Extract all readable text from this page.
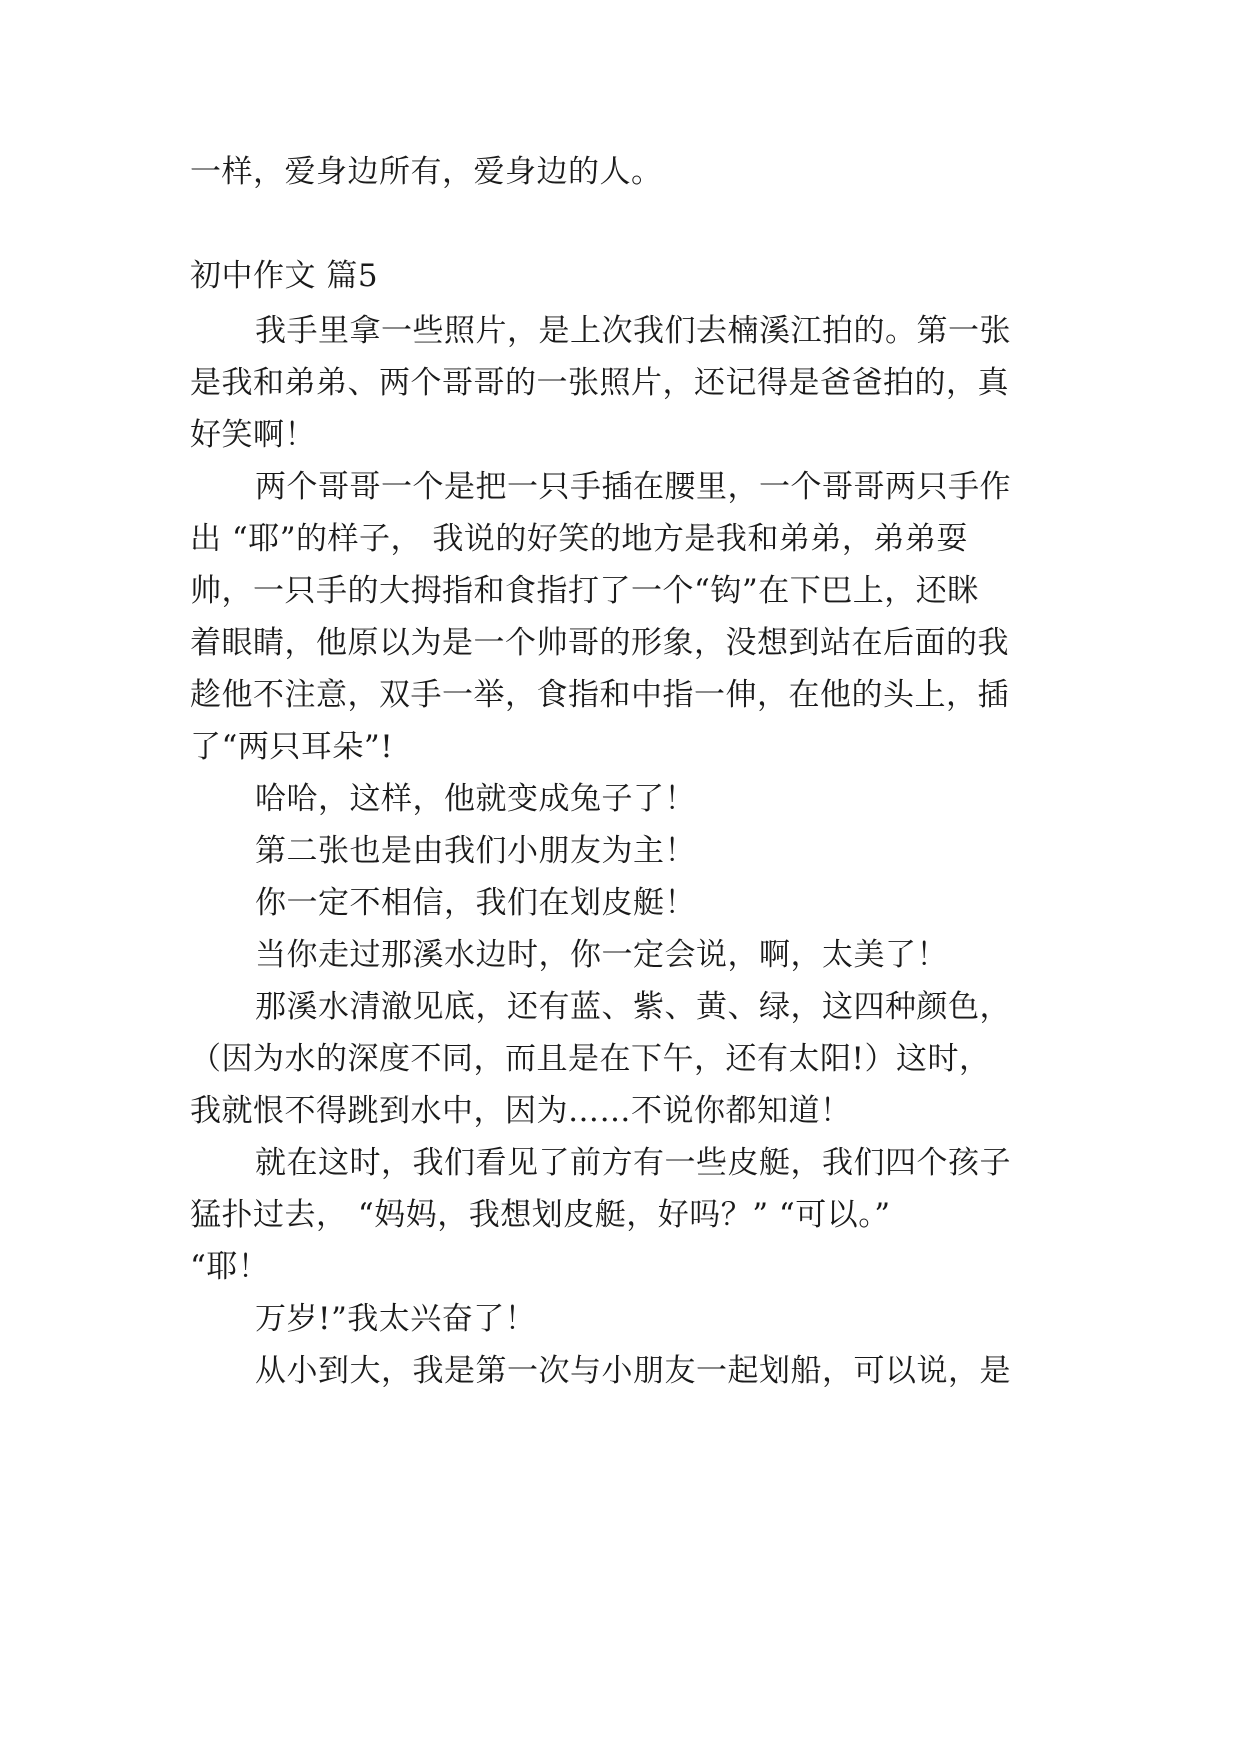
一样，爱身边所有，爱身边的人。
初中作文 篇5
我手里拿一些照片，是上次我们去楠溪江拍的。第一张
是我和弟弟、两个哥哥的一张照片，还记得是爸爸拍的，真
好笑啊！
两个哥哥一个是把一只手插在腰里，一个哥哥两只手作
出 “耶”的样子， 我说的好笑的地方是我和弟弟，弟弟耍
帅，一只手的大拇指和食指打了一个“钩”在下巴上，还眯
着眼睛，他原以为是一个帅哥的形象，没想到站在后面的我
趁他不注意，双手一举，食指和中指一伸，在他的头上，插
了“两只耳朵”!
哈哈，这样，他就变成兔子了！
第二张也是由我们小朋友为主！
你一定不相信，我们在划皮艇！
当你走过那溪水边时，你一定会说，啊，太美了！
那溪水清澈见底，还有蓝、紫、黄、绿，这四种颜色，
（因为水的深度不同，而且是在下午，还有太阳!）这时，
我就恨不得跳到水中，因为……不说你都知道！
就在这时，我们看见了前方有一些皮艇，我们四个孩子
猛扑过去， “妈妈，我想划皮艇，好吗？” “可以。”
“耶！
万岁!”我太兴奋了！
从小到大，我是第一次与小朋友一起划船，可以说，是
